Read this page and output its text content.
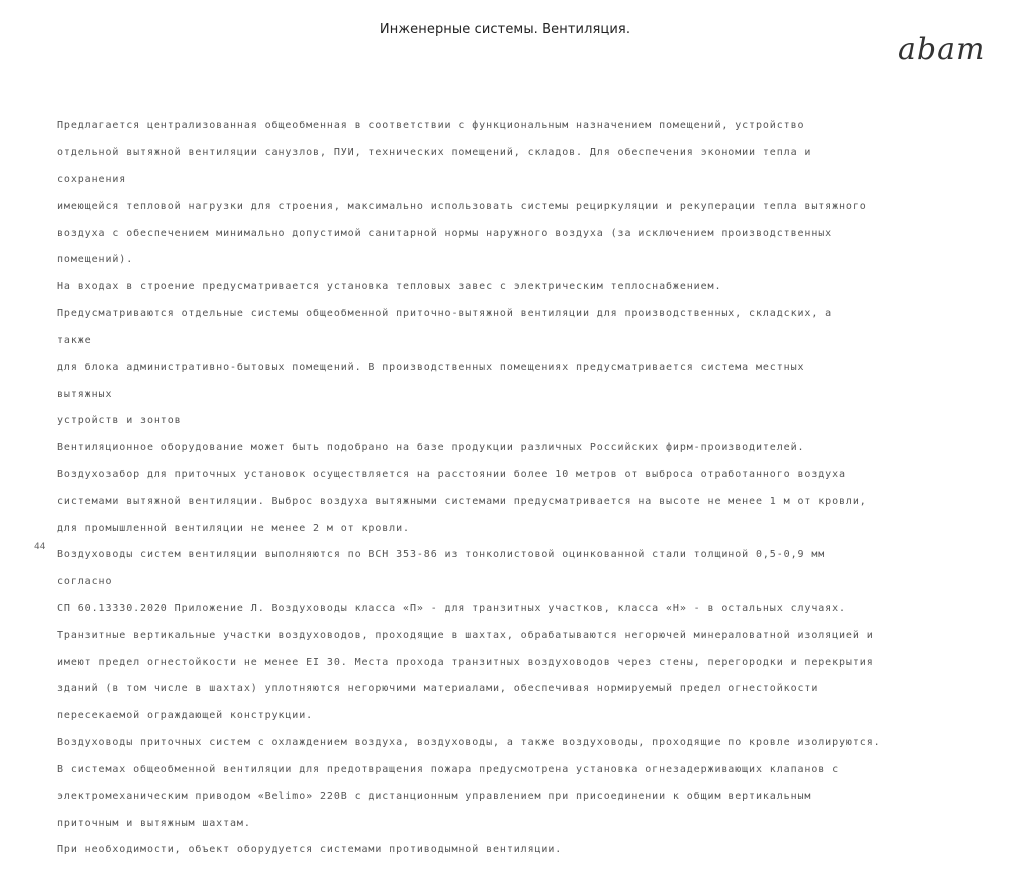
Инженерные системы. Вентиляция.
abam

Предлагается централизованная общеобменная в соответствии с функциональным назначением помещений, устройство

отдельной вытяжной вентиляции санузлов, ПУИ, технических помещений, складов. Для обеспечения экономии тепла и

сохранения

имеющейся тепловой нагрузки для строения, максимально использовать системы рециркуляции и рекуперации тепла вытяжного

воздуха с обеспечением минимально допустимой санитарной нормы наружного воздуха (за исключением производственных

помещений).

На входах в строение предусматривается установка тепловых завес с электрическим теплоснабжением.

Предусматриваются отдельные системы общеобменной приточно-вытяжной вентиляции для производственных, складских, а

также

для блока административно-бытовых помещений. В производственных помещениях предусматривается система местных

вытяжных

устройств и зонтов

Вентиляционное оборудование может быть подобрано на базе продукции различных Российских фирм-производителей.

Воздухозабор для приточных установок осуществляется на расстоянии более 10 метров от выброса отработанного воздуха

системами вытяжной вентиляции. Выброс воздуха вытяжными системами предусматривается на высоте не менее 1 м от кровли,

для промышленной вентиляции не менее 2 м от кровли.

Воздуховоды систем вентиляции выполняются по ВСН 353-86 из тонколистовой оцинкованной стали толщиной 0,5-0,9 мм

согласно

СП 60.13330.2020 Приложение Л. Воздуховоды класса «П» - для транзитных участков, класса «Н» - в остальных случаях.

Транзитные вертикальные участки воздуховодов, проходящие в шахтах, обрабатываются негорючей минераловатной изоляцией и

имеют предел огнестойкости не менее EI 30. Места прохода транзитных воздуховодов через стены, перегородки и перекрытия

зданий (в том числе в шахтах) уплотняются негорючими материалами, обеспечивая нормируемый предел огнестойкости

пересекаемой ограждающей конструкции.

Воздуховоды приточных систем с охлаждением воздуха, воздуховоды, а также воздуховоды, проходящие по кровле изолируются.

В системах общеобменной вентиляции для предотвращения пожара предусмотрена установка огнезадерживающих клапанов с

электромеханическим приводом «Belimo» 220В с дистанционным управлением при присоединении к общим вертикальным

приточным и вытяжным шахтам.

При необходимости, объект оборудуется системами противодымной вентиляции.

44
